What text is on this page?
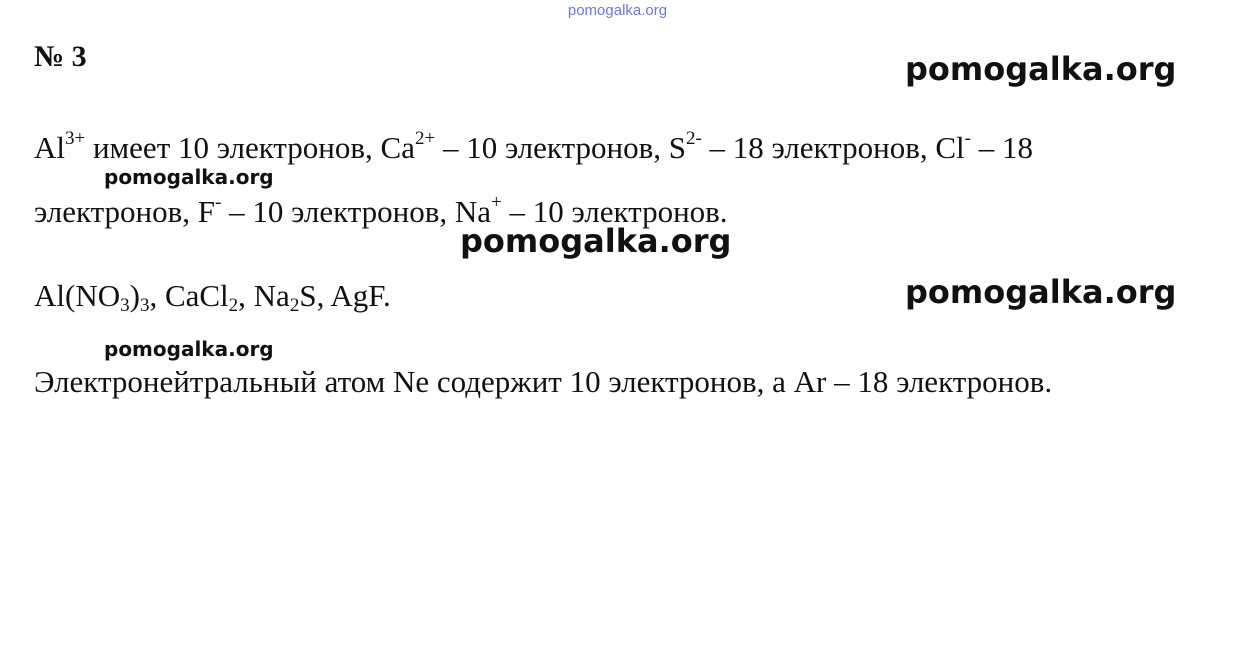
pomogalka.org
№ 3	pomogalka.org
$Al^{3+}$ имеет 10 электронов, $Ca^{2+} - 10$ электронов, $S^{2-} - 18$ электронов, Cl- – 18
pomogalka.org
электронов, F- – 10 электронов, Na+ – 10 электронов.
pomogalka.org
$Al(NO_3)_3$, CaCl$_2$, $Na_2S$, AgF.	pomogalka.org
pomogalka.org
Электронейтральный атом Ne содержит 10 электронов, а Ar – 18 электронов.
